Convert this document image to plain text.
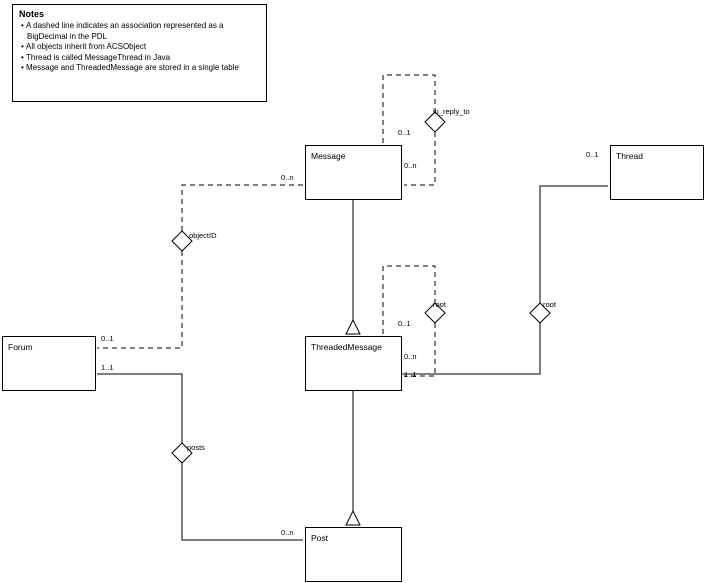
Notes
• A dashed line indicates an association represented as a BigDecimal in the PDL
• All objects inherit from ACSObject
• Thread is called MessageThread in Java
• Message and ThreadedMessage are stored in a single table
Message	Thread
Forum	ThreadedMessage
Post
in_reply_to
objectID
root	root
posts
0..1
0..n
0..n
0..1
0..1
1..1
0..1
0..n
1..1
0..n
